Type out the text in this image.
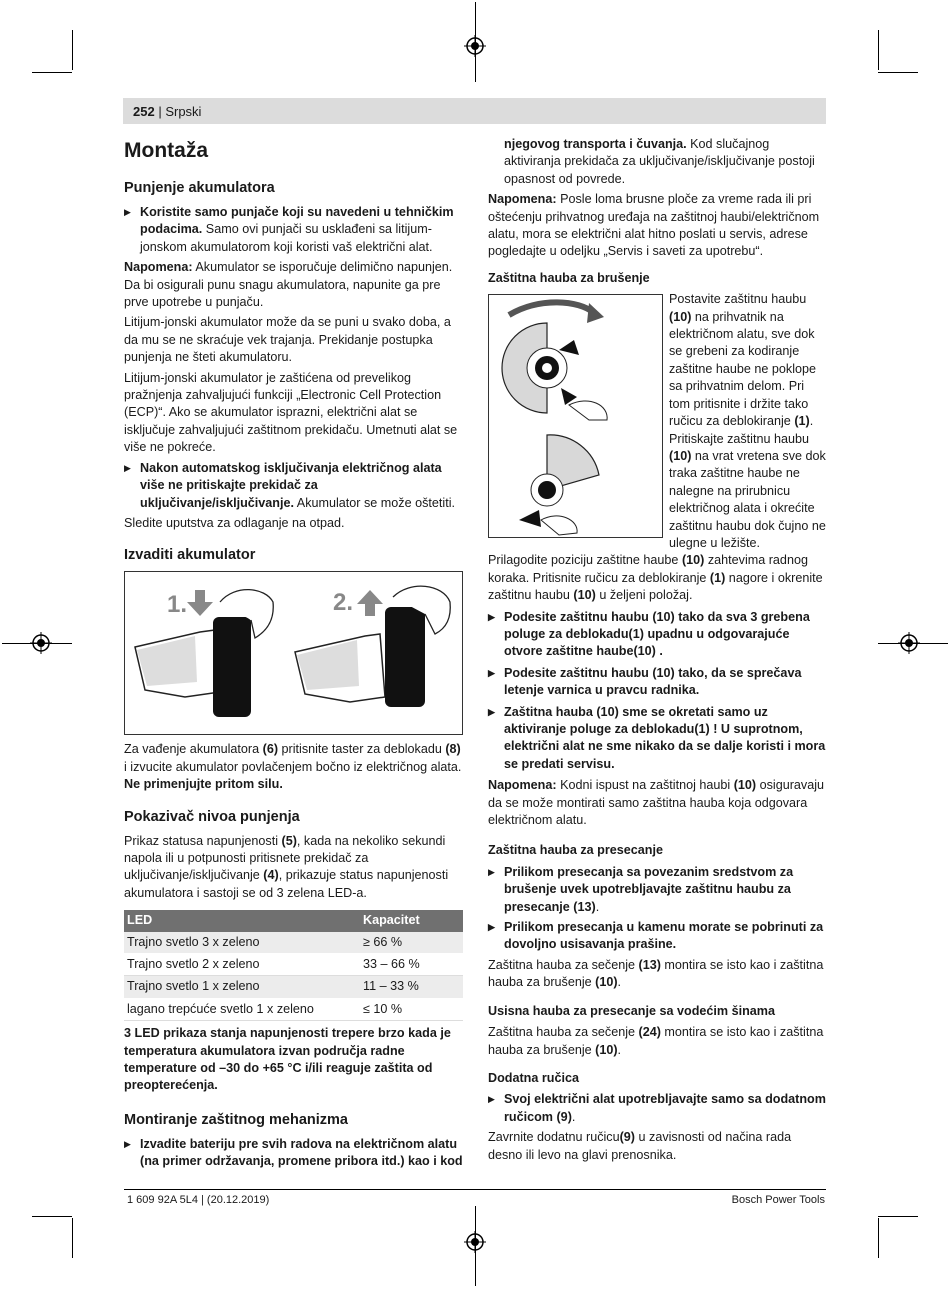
252 | Srpski
Montaža
Punjenje akumulatora
▶ Koristite samo punjače koji su navedeni u tehničkim podacima. Samo ovi punjači su usklađeni sa litijum-jonskom akumulatorom koji koristi vaš električni alat.

Napomena: Akumulator se isporučuje delimično napunjen. Da bi osigurali punu snagu akumulatora, napunite ga pre prve upotrebe u punjaču.

Litijum-jonski akumulator može da se puni u svako doba, a da mu se ne skraćuje vek trajanja. Prekidanje postupka punjenja ne šteti akumulatoru.

Litijum-jonski akumulator je zaštićena od prevelikog pražnjenja zahvaljujući funkciji „Electronic Cell Protection (ECP)“. Ako se akumulator isprazni, električni alat se isključuje zahvaljujući zaštitnom prekidaču. Umetnuti alat se više ne pokreće.

▶ Nakon automatskog isključivanja električnog alata više ne pritiskajte prekidač za uključivanje/isključivanje. Akumulator se može oštetiti.

Sledite uputstva za odlaganje na otpad.

Izvaditi akumulator
1.	2.

Za vađenje akumulatora (6) pritisnite taster za deblokadu (8) i izvucite akumulator povlačenjem bočno iz električnog alata. Ne primenjujte pritom silu.

Pokazivač nivoa punjenja

Prikaz statusa napunjenosti (5), kada na nekoliko sekundi napola ili u potpunosti pritisnete prekidač za uključivanje/isključivanje (4), prikazuje status napunjenosti akumulatora i sastoji se od 3 zelena LED-a.

LED	Kapacitet
Trajno svetlo 3 x zeleno	≥ 66 %
Trajno svetlo 2 x zeleno	33 – 66 %
Trajno svetlo 1 x zeleno	11 – 33 %
lagano trepćuće svetlo 1 x zeleno	≤ 10 %

3 LED prikaza stanja napunjenosti trepere brzo kada je temperatura akumulatora izvan područja radne temperature od –30 do +65 °C i/ili reaguje zaštita od preopterećenja.

Montiranje zaštitnog mehanizma
▶ Izvadite bateriju pre svih radova na električnom alatu (na primer održavanja, promene pribora itd.) kao i kod

njegovog transporta i čuvanja. Kod slučajnog aktiviranja prekidača za uključivanje/isključivanje postoji opasnost od povrede.

Napomena: Posle loma brusne ploče za vreme rada ili pri oštećenju prihvatnog uređaja na zaštitnoj haubi/električnom alatu, mora se električni alat hitno poslati u servis, adrese pogledajte u odeljku „Servis i saveti za upotrebu“.

Zaštitna hauba za brušenje
Postavite zaštitnu haubu (10) na prihvatnik na električnom alatu, sve dok se grebeni za kodiranje zaštitne haube ne poklope sa prihvatnim delom. Pri tom pritisnite i držite tako ručicu za deblokiranje (1). Pritiskajte zaštitnu haubu (10) na vrat vretena sve dok traka zaštitne haube ne nalegne na prirubnicu električnog alata i okrećite zaštitnu haubu dok čujno ne ulegne u ležište.

Prilagodite poziciju zaštitne haube (10) zahtevima radnog koraka. Pritisnite ručicu za deblokiranje (1) nagore i okrenite zaštitnu haubu (10) u željeni položaj.

▶ Podesite zaštitnu haubu (10) tako da sva 3 grebena poluge za deblokadu(1) upadnu u odgovarajuće otvore zaštitne haube(10) .
▶ Podesite zaštitnu haubu (10) tako, da se sprečava letenje varnica u pravcu radnika.
▶ Zaštitna hauba (10) sme se okretati samo uz aktiviranje poluge za deblokadu(1) ! U suprotnom, električni alat ne sme nikako da se dalje koristi i mora se predati servisu.

Napomena: Kodni ispust na zaštitnoj haubi (10) osiguravaju da se može montirati samo zaštitna hauba koja odgovara električnom alatu.

Zaštitna hauba za presecanje
▶ Prilikom presecanja sa povezanim sredstvom za brušenje uvek upotrebljavajte zaštitnu haubu za presecanje (13).
▶ Prilikom presecanja u kamenu morate se pobrinuti za dovoljno usisavanja prašine.

Zaštitna hauba za sečenje (13) montira se isto kao i zaštitna hauba za brušenje (10).

Usisna hauba za presecanje sa vodećim šinama

Zaštitna hauba za sečenje (24) montira se isto kao i zaštitna hauba za brušenje (10).

Dodatna ručica
▶ Svoj električni alat upotrebljavajte samo sa dodatnom ručicom (9).

Zavrnite dodatnu ručicu(9) u zavisnosti od načina rada desno ili levo na glavi prenosnika.

1 609 92A 5L4 | (20.12.2019)	Bosch Power Tools
